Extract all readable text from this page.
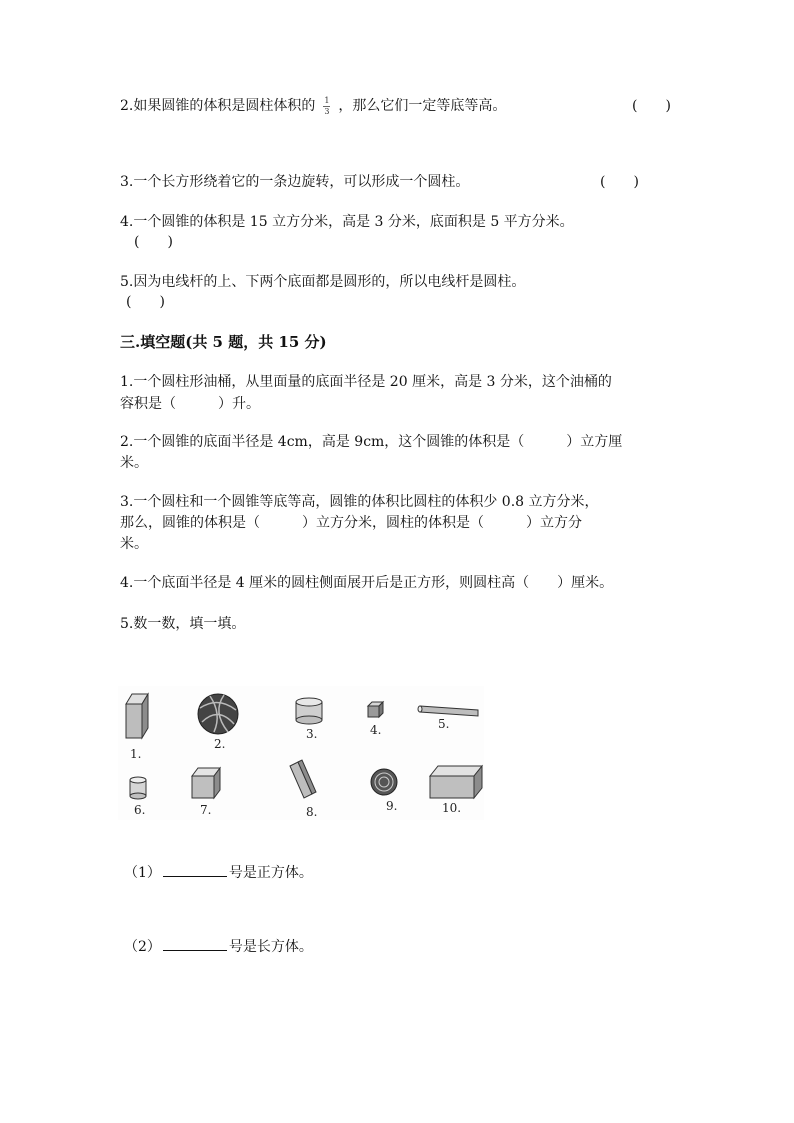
2.如果圆锥的体积是圆柱体积的 $\frac{1}{3}$ ，那么它们一定等底等高。	(　　)
3.一个长方形绕着它的一条边旋转，可以形成一个圆柱。	(　　)
4.一个圆锥的体积是 15 立方分米，高是 3 分米，底面积是 5 平方分米。
(　　)
5.因为电线杆的上、下两个底面都是圆形的，所以电线杆是圆柱。
(　　)
三.填空题(共 5 题，共 15 分)
1.一个圆柱形油桶，从里面量的底面半径是 20 厘米，高是 3 分米，这个油桶的
容积是（　　　）升。
2.一个圆锥的底面半径是 4cm，高是 9cm，这个圆锥的体积是（　　　）立方厘
米。
3.一个圆柱和一个圆锥等底等高，圆锥的体积比圆柱的体积少 0.8 立方分米，
那么，圆锥的体积是（　　　）立方分米，圆柱的体积是（　　　）立方分
米。
4.一个底面半径是 4 厘米的圆柱侧面展开后是正方形，则圆柱高（　　）厘米。
5.数一数，填一填。
1.
2.
3.	4.	5.
6.	7.	8.	9.	10.
（1）	号是正方体。
（2）	号是长方体。
